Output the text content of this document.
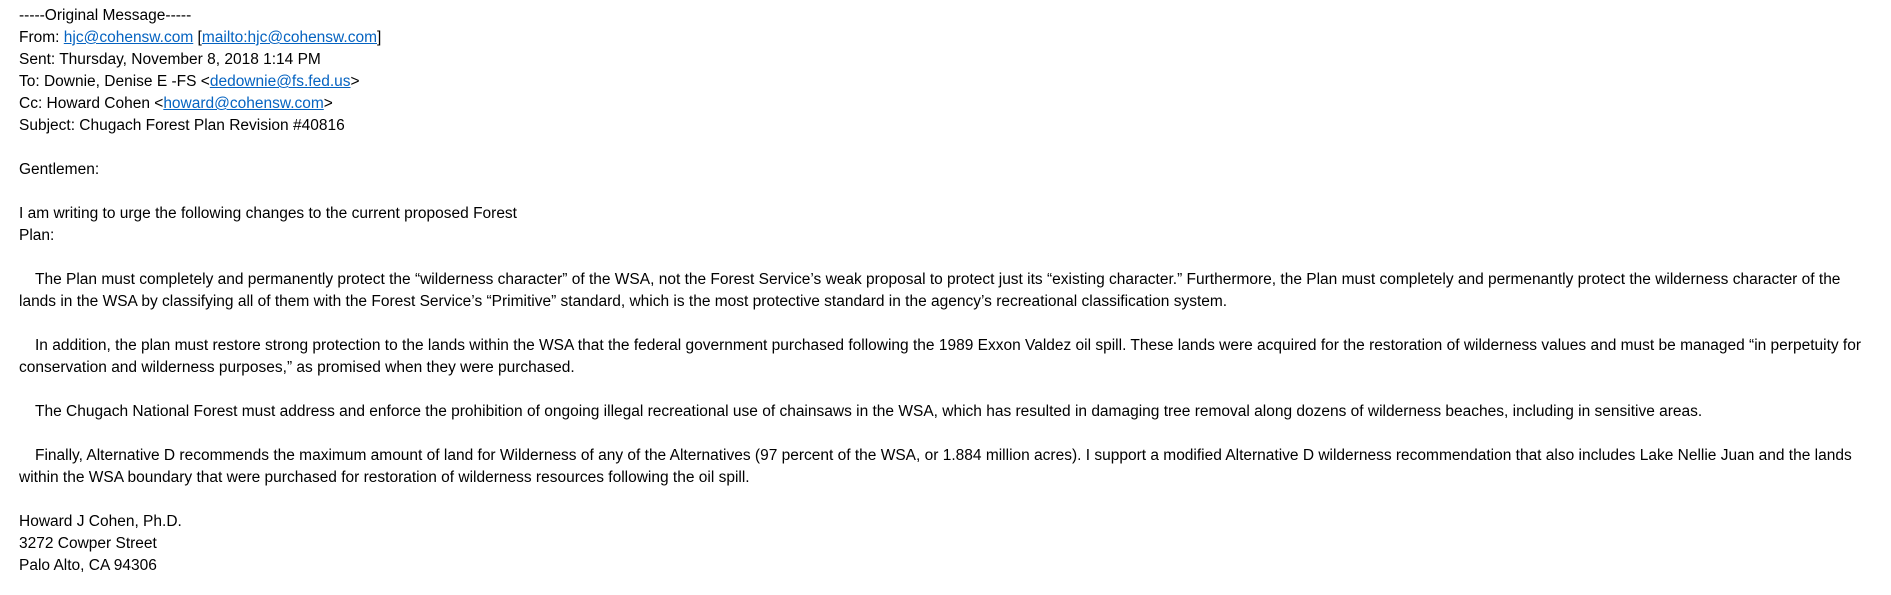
-----Original Message-----
From: hjc@cohensw.com [mailto:hjc@cohensw.com]
Sent: Thursday, November 8, 2018 1:14 PM
To: Downie, Denise E -FS <dedownie@fs.fed.us>
Cc: Howard Cohen <howard@cohensw.com>
Subject: Chugach Forest Plan Revision #40816
Gentlemen:
I am writing to urge the following changes to the current proposed Forest
Plan:
The Plan must completely and permanently protect the “wilderness character” of the WSA, not the Forest Service’s weak proposal to protect just its “existing character.” Furthermore, the Plan must completely and permenantly protect the wilderness character of the lands in the WSA by classifying all of them with the Forest Service’s “Primitive” standard, which is the most protective standard in the agency’s recreational classification system.
In addition, the plan must restore strong protection to the lands within the WSA that the federal government purchased following the 1989 Exxon Valdez oil spill. These lands were acquired for the restoration of wilderness values and must be managed “in perpetuity for conservation and wilderness purposes,” as promised when they were purchased.
The Chugach National Forest must address and enforce the prohibition of ongoing illegal recreational use of chainsaws in the WSA, which has resulted in damaging tree removal along dozens of wilderness beaches, including in sensitive areas.
Finally, Alternative D recommends the maximum amount of land for Wilderness of any of the Alternatives (97 percent of the WSA, or 1.884 million acres). I support a modified Alternative D wilderness recommendation that also includes Lake Nellie Juan and the lands within the WSA boundary that were purchased for restoration of wilderness resources following the oil spill.
Howard J Cohen, Ph.D.
3272 Cowper Street
Palo Alto, CA 94306
